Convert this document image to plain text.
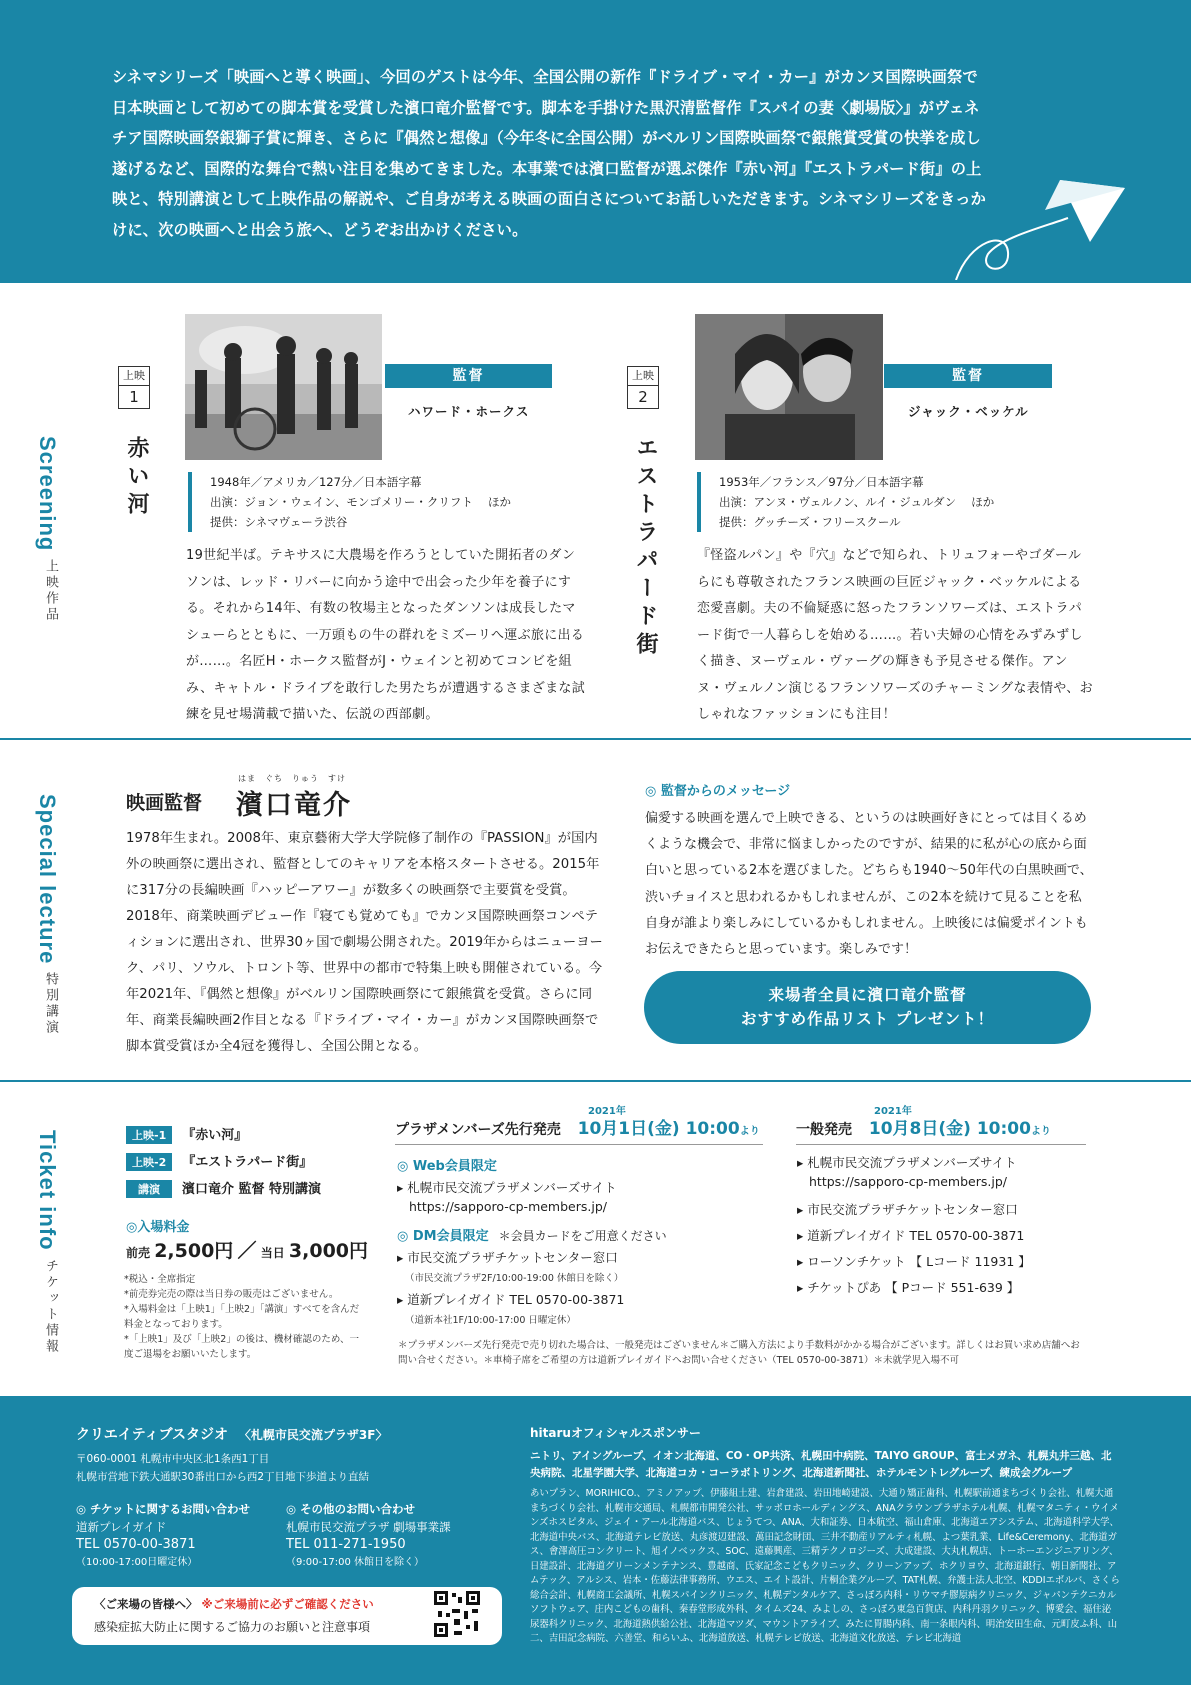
シネマシリーズ「映画へと導く映画」、今回のゲストは今年、全国公開の新作『ドライブ・マイ・カー』がカンヌ国際映画祭で日本映画として初めての脚本賞を受賞した濱口竜介監督です。脚本を手掛けた黒沢清監督作『スパイの妻〈劇場版〉』がヴェネチア国際映画祭銀獅子賞に輝き、さらに『偶然と想像』（今年冬に全国公開）がベルリン国際映画祭で銀熊賞受賞の快挙を成し遂げるなど、国際的な舞台で熱い注目を集めてきました。本事業では濱口監督が選ぶ傑作『赤い河』『エストラパード街』の上映と、特別講演として上映作品の解説や、ご自身が考える映画の面白さについてお話しいただきます。シネマシリーズをきっかけに、次の映画へと出会う旅へ、どうぞお出かけください。

Screening
上映作品
上映
1
赤い河
監督
ハワード・ホークス
1948年／アメリカ／127分／日本語字幕
出演：ジョン・ウェイン、モンゴメリー・クリフト　 ほか
提供：シネマヴェーラ渋谷

19世紀半ば。テキサスに大農場を作ろうとしていた開拓者のダンソンは、レッド・リバーに向かう途中で出会った少年を養子にする。それから14年、有数の牧場主となったダンソンは成長したマシューらとともに、一万頭もの牛の群れをミズーリへ運ぶ旅に出るが……。名匠H・ホークス監督がJ・ウェインと初めてコンビを組み、キャトル・ドライブを敢行した男たちが遭遇するさまざまな試練を見せ場満載で描いた、伝説の西部劇。

上映
2
エストラパード街
監督
ジャック・ベッケル
1953年／フランス／97分／日本語字幕
出演：アンヌ・ヴェルノン、ルイ・ジュルダン　 ほか
提供：グッチーズ・フリースクール

『怪盗ルパン』や『穴』などで知られ、トリュフォーやゴダールらにも尊敬されたフランス映画の巨匠ジャック・ベッケルによる恋愛喜劇。夫の不倫疑惑に怒ったフランソワーズは、エストラパード街で一人暮らしを始める……。若い夫婦の心情をみずみずしく描き、ヌーヴェル・ヴァーグの輝きも予見させる傑作。アンヌ・ヴェルノン演じるフランソワーズのチャーミングな表情や、おしゃれなファッションにも注目！

Special lecture
特別講演
映画監督
はま　ぐち　りゅう　すけ
濱口竜介

1978年生まれ。2008年、東京藝術大学大学院修了制作の『PASSION』が国内外の映画祭に選出され、監督としてのキャリアを本格スタートさせる。2015年に317分の長編映画『ハッピーアワー』が数多くの映画祭で主要賞を受賞。2018年、商業映画デビュー作『寝ても覚めても』でカンヌ国際映画祭コンペティションに選出され、世界30ヶ国で劇場公開された。2019年からはニューヨーク、パリ、ソウル、トロント等、世界中の都市で特集上映も開催されている。今年2021年、『偶然と想像』がベルリン国際映画祭にて銀熊賞を受賞。さらに同年、商業長編映画2作目となる『ドライブ・マイ・カー』がカンヌ国際映画祭で脚本賞受賞ほか全4冠を獲得し、全国公開となる。

◎ 監督からのメッセージ

偏愛する映画を選んで上映できる、というのは映画好きにとっては目くるめくような機会で、非常に悩ましかったのですが、結果的に私が心の底から面白いと思っている2本を選びました。どちらも1940〜50年代の白黒映画で、渋いチョイスと思われるかもしれませんが、この2本を続けて見ることを私自身が誰より楽しみにしているかもしれません。上映後には偏愛ポイントもお伝えできたらと思っています。楽しみです！

来場者全員に濱口竜介監督
おすすめ作品リスト プレゼント！
Ticket info
チケット情報
上映-1 『赤い河』
上映-2 『エストラパード街』
講演 濱口竜介 監督 特別講演
◎入場料金
前売 2,500円 ／ 当日 3,000円
*税込・全席指定
*前売券完売の際は当日券の販売はございません。
*入場料金は「上映1」「上映2」「講演」すべてを含んだ料金となっております。
*「上映1」及び「上映2」の後は、機材確認のため、一度ご退場をお願いいたします。
2021年
プラザメンバーズ先行発売 10月1日(金) 10:00より
◎ Web会員限定
▸ 札幌市民交流プラザメンバーズサイト
https://sapporo-cp-members.jp/
◎ DM会員限定 ＊会員カードをご用意ください
▸ 市民交流プラザチケットセンター窓口
（市民交流プラザ2F/10:00-19:00 休館日を除く）
▸ 道新プレイガイド TEL 0570-00-3871
（道新本社1F/10:00-17:00 日曜定休）
2021年
一般発売 10月8日(金) 10:00より
▸ 札幌市民交流プラザメンバーズサイト
https://sapporo-cp-members.jp/
▸ 市民交流プラザチケットセンター窓口
▸ 道新プレイガイド TEL 0570-00-3871
▸ ローソンチケット 【 Lコード 11931 】
▸ チケットぴあ 【 Pコード 551-639 】
＊プラザメンバーズ先行発売で売り切れた場合は、一般発売はございません＊ご購入方法により手数料がかかる場合がございます。詳しくはお買い求め店舗へお問い合せください。＊車椅子席をご希望の方は道新プレイガイドへお問い合せください（TEL 0570-00-3871）＊未就学児入場不可
クリエイティブスタジオ 〈札幌市民交流プラザ3F〉
〒060-0001 札幌市中央区北1条西1丁目
札幌市営地下鉄大通駅30番出口から西2丁目地下歩道より直結
◎ チケットに関するお問い合わせ
道新プレイガイド
TEL 0570-00-3871
（10:00-17:00日曜定休）
◎ その他のお問い合わせ
札幌市民交流プラザ 劇場事業課
TEL 011-271-1950
（9:00-17:00 休館日を除く）
〈ご来場の皆様へ〉 ※ご来場前に必ずご確認ください
感染症拡大防止に関するご協力のお願いと注意事項
hitaruオフィシャルスポンサー

ニトリ、アイングループ、イオン北海道、CO・OP共済、札幌田中病院、TAIYO GROUP、富士メガネ、札幌丸井三越、北央病院、北星学園大学、北海道コカ・コーラボトリング、北海道新聞社、ホテルモントレグループ、練成会グループ

あいプラン、MORIHICO.、アミノアップ、伊藤組土建、岩倉建設、岩田地崎建設、大通り矯正歯科、札幌駅前通まちづくり会社、札幌大通まちづくり会社、札幌市交通局、札幌都市開発公社、サッポロホールディングス、ANAクラウンプラザホテル札幌、札幌マタニティ・ウイメンズホスピタル、ジェイ・アール北海道バス、じょうてつ、ANA、大和証券、日本航空、福山倉庫、北海道エアシステム、北海道科学大学、北海道中央バス、北海道テレビ放送、丸彦渡辺建設、萬田記念財団、三井不動産リアルティ札幌、よつ葉乳業、Life&Ceremony、北海道ガス、會澤高圧コンクリート、旭イノベックス、SOC、遠藤興産、三精テクノロジーズ、大成建設、大丸札幌店、トーホーエンジニアリング、日建設計、北海道グリーンメンテナンス、豊越商、氏家記念こどもクリニック、クリーンアップ、ホクリヨウ、北海道銀行、朝日新聞社、アムテック、アルシス、岩本・佐藤法律事務所、ウエス、エイト設計、片桐企業グループ、TAT札幌、弁護士法人北空、KDDIエボルバ、さくら総合会計、札幌商工会議所、札幌スパインクリニック、札幌デンタルケア、さっぽろ内科・リウマチ膠原病クリニック、ジャパンテクニカルソフトウェア、庄内こどもの歯科、秦春堂形成外科、タイムズ24、みよしの、さっぽろ東急百貨店、内科丹羽クリニック、博愛会、福住泌尿器科クリニック、北海道熱供給公社、北海道マツダ、マウントアライブ、みたに胃腸内科、南一条眼内科、明治安田生命、元町皮ふ科、山二、吉田記念病院、六善堂、和らいふ、北海道放送、札幌テレビ放送、北海道文化放送、テレビ北海道
